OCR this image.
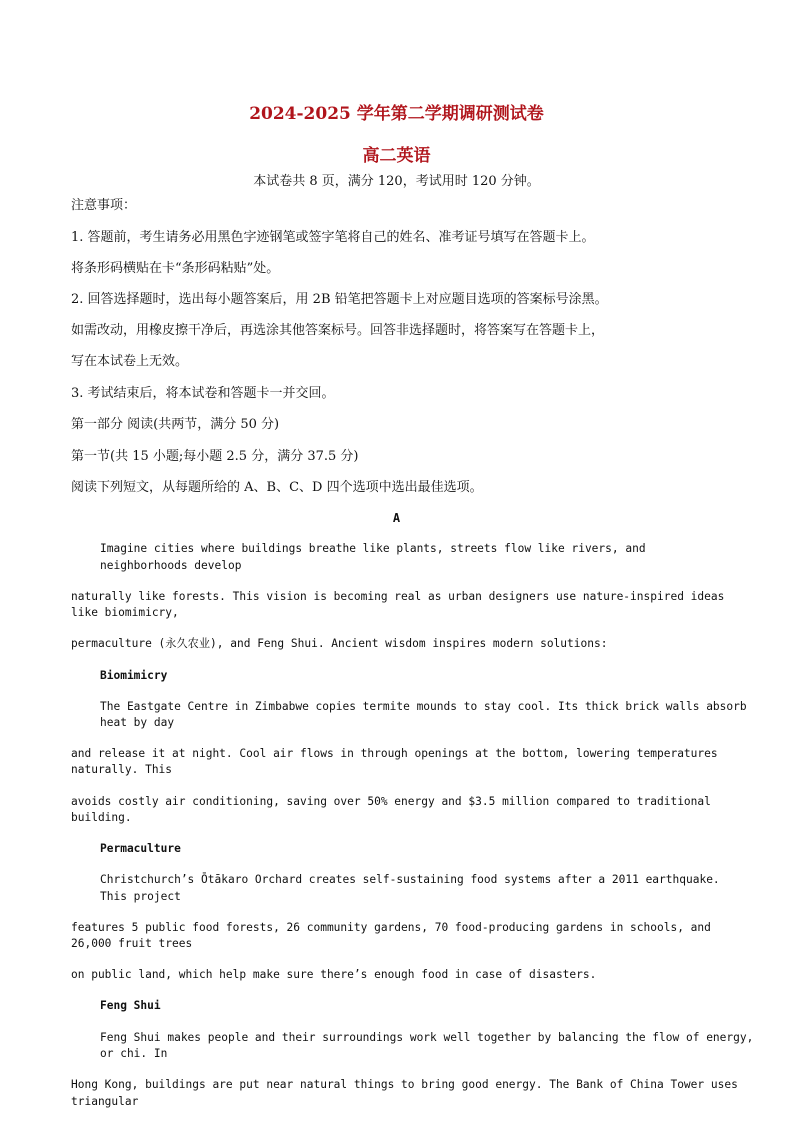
2024-2025 学年第二学期调研测试卷
高二英语
本试卷共 8 页，满分 120，考试用时 120 分钟。
注意事项：
1. 答题前，考生请务必用黑色字迹钢笔或签字笔将自己的姓名、准考证号填写在答题卡上。
将条形码横贴在卡“条形码粘贴”处。
2. 回答选择题时，选出每小题答案后，用 2B 铅笔把答题卡上对应题目选项的答案标号涂黑。
如需改动，用橡皮擦干净后，再选涂其他答案标号。回答非选择题时，将答案写在答题卡上，
写在本试卷上无效。
3. 考试结束后，将本试卷和答题卡一并交回。
第一部分 阅读(共两节，满分 50 分)
第一节(共 15 小题;每小题 2.5 分，满分 37.5 分)
阅读下列短文，从每题所给的 A、B、C、D 四个选项中选出最佳选项。
A
Imagine cities where buildings breathe like plants, streets flow like rivers, and
neighborhoods develop
naturally like forests. This vision is becoming real as urban designers use nature-inspired ideas
like biomimicry,
permaculture (永久农业), and Feng Shui. Ancient wisdom inspires modern solutions:
Biomimicry
The Eastgate Centre in Zimbabwe copies termite mounds to stay cool. Its thick brick walls absorb
heat by day
and release it at night. Cool air flows in through openings at the bottom, lowering temperatures
naturally. This
avoids costly air conditioning, saving over 50% energy and $3.5 million compared to traditional
building.
Permaculture
Christchurch’s Ōtākaro Orchard creates self-sustaining food systems after a 2011 earthquake.
This project
features 5 public food forests, 26 community gardens, 70 food-producing gardens in schools, and
26,000 fruit trees
on public land, which help make sure there’s enough food in case of disasters.
Feng Shui
Feng Shui makes people and their surroundings work well together by balancing the flow of energy,
or chi. In
Hong Kong, buildings are put near natural things to bring good energy. The Bank of China Tower uses
triangular
